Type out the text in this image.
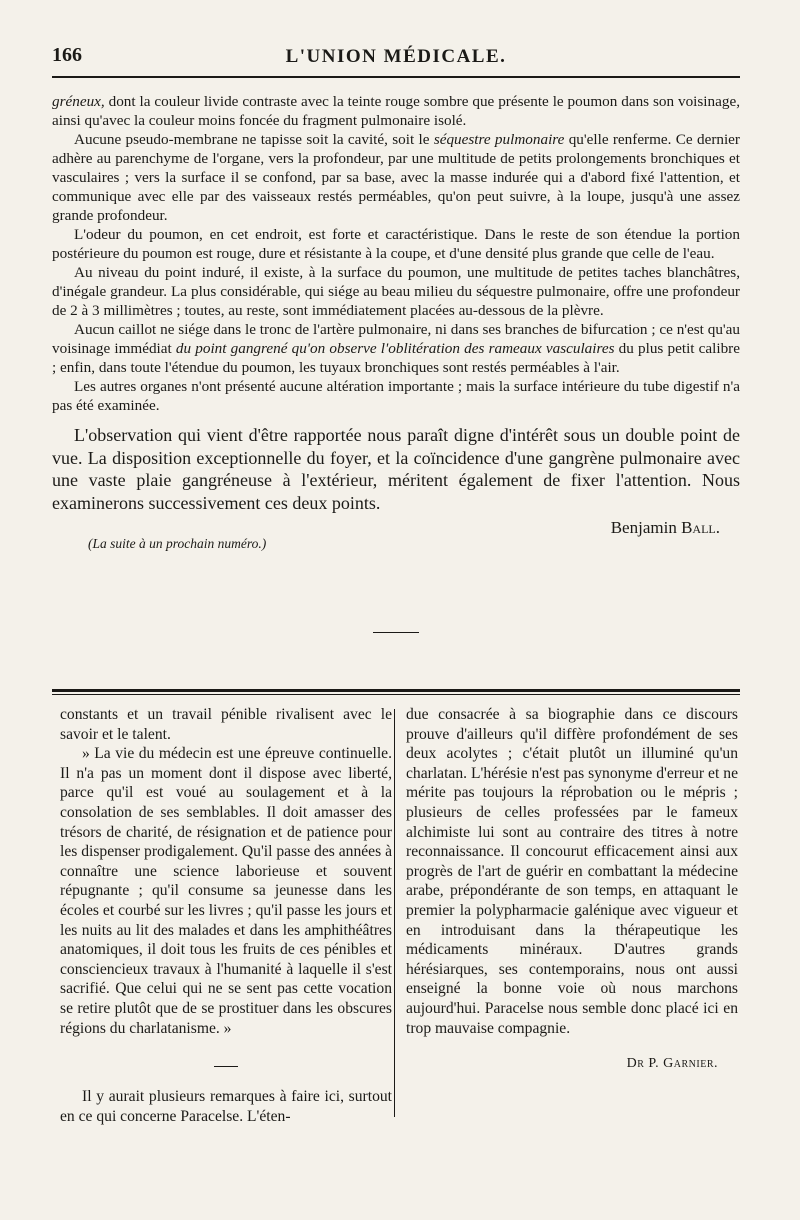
166	L'UNION MÉDICALE.

gréneux, dont la couleur livide contraste avec la teinte rouge sombre que présente le poumon dans son voisinage, ainsi qu'avec la couleur moins foncée du fragment pulmonaire isolé.

Aucune pseudo-membrane ne tapisse soit la cavité, soit le séquestre pulmonaire qu'elle renferme. Ce dernier adhère au parenchyme de l'organe, vers la profondeur, par une multitude de petits prolongements bronchiques et vasculaires ; vers la surface il se confond, par sa base, avec la masse indurée qui a d'abord fixé l'attention, et communique avec elle par des vaisseaux restés perméables, qu'on peut suivre, à la loupe, jusqu'à une assez grande profondeur.

L'odeur du poumon, en cet endroit, est forte et caractéristique. Dans le reste de son étendue la portion postérieure du poumon est rouge, dure et résistante à la coupe, et d'une densité plus grande que celle de l'eau.

Au niveau du point induré, il existe, à la surface du poumon, une multitude de petites taches blanchâtres, d'inégale grandeur. La plus considérable, qui siége au beau milieu du séquestre pulmonaire, offre une profondeur de 2 à 3 millimètres ; toutes, au reste, sont immédiatement placées au-dessous de la plèvre.

Aucun caillot ne siége dans le tronc de l'artère pulmonaire, ni dans ses branches de bifurcation ; ce n'est qu'au voisinage immédiat du point gangrené qu'on observe l'oblitération des rameaux vasculaires du plus petit calibre ; enfin, dans toute l'étendue du poumon, les tuyaux bronchiques sont restés perméables à l'air.

Les autres organes n'ont présenté aucune altération importante ; mais la surface intérieure du tube digestif n'a pas été examinée.

L'observation qui vient d'être rapportée nous paraît digne d'intérêt sous un double point de vue. La disposition exceptionnelle du foyer, et la coïncidence d'une gangrène pulmonaire avec une vaste plaie gangréneuse à l'extérieur, méritent également de fixer l'attention. Nous examinerons successivement ces deux points.

Benjamin Ball.
(La suite à un prochain numéro.)

constants et un travail pénible rivalisent avec le savoir et le talent.

» La vie du médecin est une épreuve continuelle. Il n'a pas un moment dont il dispose avec liberté, parce qu'il est voué au soulagement et à la consolation de ses semblables. Il doit amasser des trésors de charité, de résignation et de patience pour les dispenser prodigalement. Qu'il passe des années à connaître une science laborieuse et souvent répugnante ; qu'il consume sa jeunesse dans les écoles et courbé sur les livres ; qu'il passe les jours et les nuits au lit des malades et dans les amphithéâtres anatomiques, il doit tous les fruits de ces pénibles et consciencieux travaux à l'humanité à laquelle il s'est sacrifié. Que celui qui ne se sent pas cette vocation se retire plutôt que de se prostituer dans les obscures régions du charlatanisme. »

Il y aurait plusieurs remarques à faire ici, surtout en ce qui concerne Paracelse. L'éten-

due consacrée à sa biographie dans ce discours prouve d'ailleurs qu'il diffère profondément de ses deux acolytes ; c'était plutôt un illuminé qu'un charlatan. L'hérésie n'est pas synonyme d'erreur et ne mérite pas toujours la réprobation ou le mépris ; plusieurs de celles professées par le fameux alchimiste lui sont au contraire des titres à notre reconnaissance. Il concourut efficacement ainsi aux progrès de l'art de guérir en combattant la médecine arabe, prépondérante de son temps, en attaquant le premier la polypharmacie galénique avec vigueur et en introduisant dans la thérapeutique les médicaments minéraux. D'autres grands hérésiarques, ses contemporains, nous ont aussi enseigné la bonne voie où nous marchons aujourd'hui. Paracelse nous semble donc placé ici en trop mauvaise compagnie.

Dr P. Garnier.
